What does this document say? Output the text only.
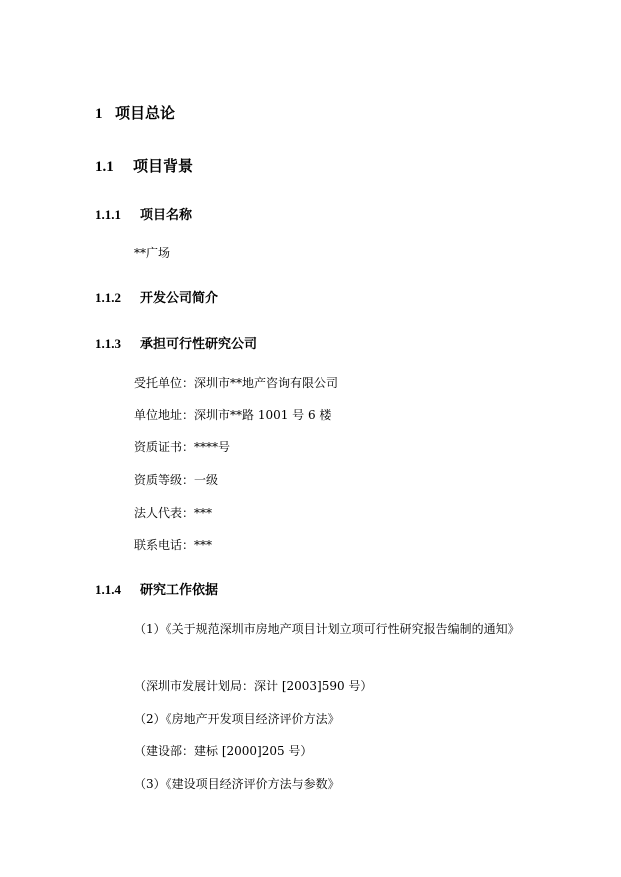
1 项目总论
1.1 项目背景
1.1.1 项目名称
**广场
1.1.2 开发公司简介
1.1.3 承担可行性研究公司
受托单位：深圳市**地产咨询有限公司
单位地址：深圳市**路 1001 号 6 楼
资质证书：****号
资质等级：一级
法人代表：***
联系电话：***
1.1.4 研究工作依据
（1）《关于规范深圳市房地产项目计划立项可行性研究报告编制的通知》
（深圳市发展计划局：深计 [2003]590 号）
（2）《房地产开发项目经济评价方法》
（建设部：建标 [2000]205 号）
（3）《建设项目经济评价方法与参数》
